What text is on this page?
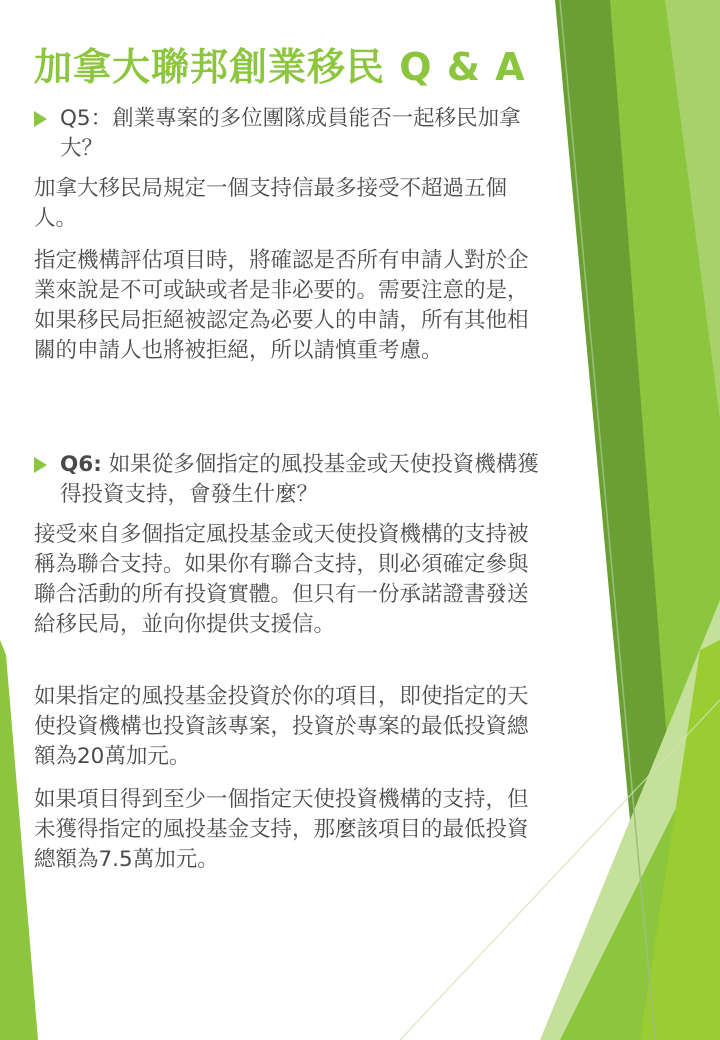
加拿大聯邦創業移民 Q & A
Q5：創業專案的多位團隊成員能否一起移民加拿大？
加拿大移民局規定一個支持信最多接受不超過五個人。
指定機構評估項目時，將確認是否所有申請人對於企業來說是不可或缺或者是非必要的。需要注意的是，如果移民局拒絕被認定為必要人的申請，所有其他相關的申請人也將被拒絕，所以請慎重考慮。
Q6: 如果從多個指定的風投基金或天使投資機構獲得投資支持，會發生什麼？
接受來自多個指定風投基金或天使投資機構的支持被稱為聯合支持。如果你有聯合支持，則必須確定參與聯合活動的所有投資實體。但只有一份承諾證書發送給移民局，並向你提供支援信。
如果指定的風投基金投資於你的項目，即使指定的天使投資機構也投資該專案，投資於專案的最低投資總額為20萬加元。
如果項目得到至少一個指定天使投資機構的支持，但未獲得指定的風投基金支持，那麼該項目的最低投資總額為7.5萬加元。
